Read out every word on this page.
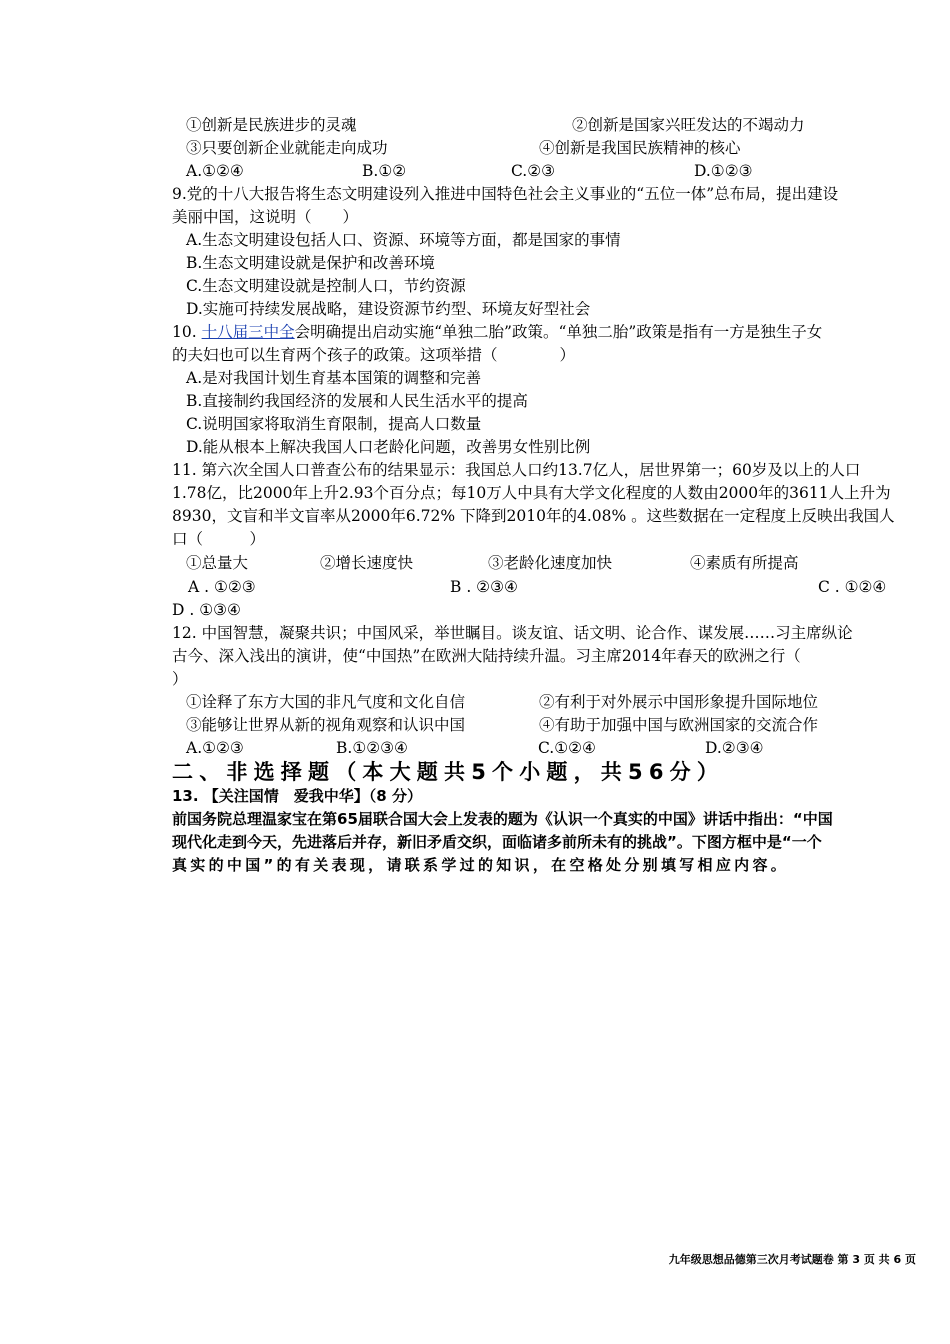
①创新是民族进步的灵魂	②创新是国家兴旺发达的不竭动力
③只要创新企业就能走向成功	④创新是我国民族精神的核心
A.①②④	B.①②	C.②③	D.①②③
9.党的十八大报告将生态文明建设列入推进中国特色社会主义事业的“五位一体”总布局，提出建设
美丽中国，这说明（　　）
A.生态文明建设包括人口、资源、环境等方面，都是国家的事情
B.生态文明建设就是保护和改善环境
C.生态文明建设就是控制人口，节约资源
D.实施可持续发展战略，建设资源节约型、环境友好型社会
10. 十八届三中全会明确提出启动实施“单独二胎”政策。“单独二胎”政策是指有一方是独生子女
的夫妇也可以生育两个孩子的政策。这项举措（　　　　）
A.是对我国计划生育基本国策的调整和完善
B.直接制约我国经济的发展和人民生活水平的提高
C.说明国家将取消生育限制，提高人口数量
D.能从根本上解决我国人口老龄化问题，改善男女性别比例
11. 第六次全国人口普查公布的结果显示：我国总人口约13.7亿人，居世界第一；60岁及以上的人口
1.78亿，比2000年上升2.93个百分点；每10万人中具有大学文化程度的人数由2000年的3611人上升为
8930，文盲和半文盲率从2000年6.72% 下降到2010年的4.08% 。这些数据在一定程度上反映出我国人
口（　　　）
①总量大	②增长速度快	③老龄化速度加快	④素质有所提高
A . ①②③	B . ②③④	C . ①②④
D . ①③④
12. 中国智慧，凝聚共识；中国风采，举世瞩目。谈友谊、话文明、论合作、谋发展……习主席纵论
古今、深入浅出的演讲，使“中国热”在欧洲大陆持续升温。习主席2014年春天的欧洲之行（
）
①诠释了东方大国的非凡气度和文化自信	②有利于对外展示中国形象提升国际地位
③能够让世界从新的视角观察和认识中国	④有助于加强中国与欧洲国家的交流合作
A.①②③	B.①②③④	C.①②④	D.②③④
二、非选择题（本大题共5个小题，共56分）
13. 【关注国情　爱我中华】（8 分）
前国务院总理温家宝在第65届联合国大会上发表的题为《认识一个真实的中国》讲话中指出：“中国
现代化走到今天，先进落后并存，新旧矛盾交织，面临诸多前所未有的挑战”。下图方框中是“一个
真实的中国”的有关表现，请联系学过的知识，在空格处分别填写相应内容。
九年级思想品德第三次月考试题卷 第 3 页 共 6 页
